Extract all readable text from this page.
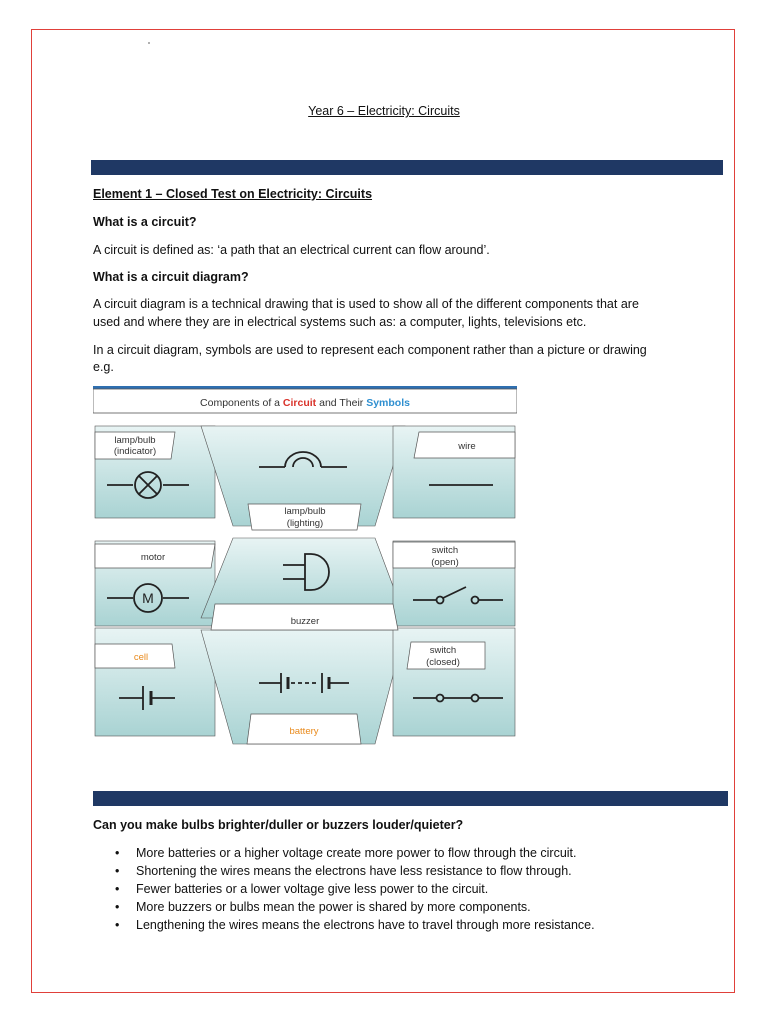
Year 6 – Electricity: Circuits
Element 1 – Closed Test on Electricity: Circuits
What is a circuit?
A circuit is defined as: ‘a path that an electrical current can flow around’.
What is a circuit diagram?
A circuit diagram is a technical drawing that is used to show all of the different components that are
used and where they are in electrical systems such as: a computer, lights, televisions etc.
In a circuit diagram, symbols are used to represent each component rather than a picture or drawing
e.g.
Components of a Circuit and Their Symbols
lamp/bulb
(indicator)
lamp/bulb
(lighting)
wire
motor
buzzer
switch
(open)
cell
switch
(closed)
battery
M
Can you make bulbs brighter/duller or buzzers louder/quieter?
• More batteries or a higher voltage create more power to flow through the circuit.
• Shortening the wires means the electrons have less resistance to flow through.
• Fewer batteries or a lower voltage give less power to the circuit.
• More buzzers or bulbs mean the power is shared by more components.
• Lengthening the wires means the electrons have to travel through more resistance.
